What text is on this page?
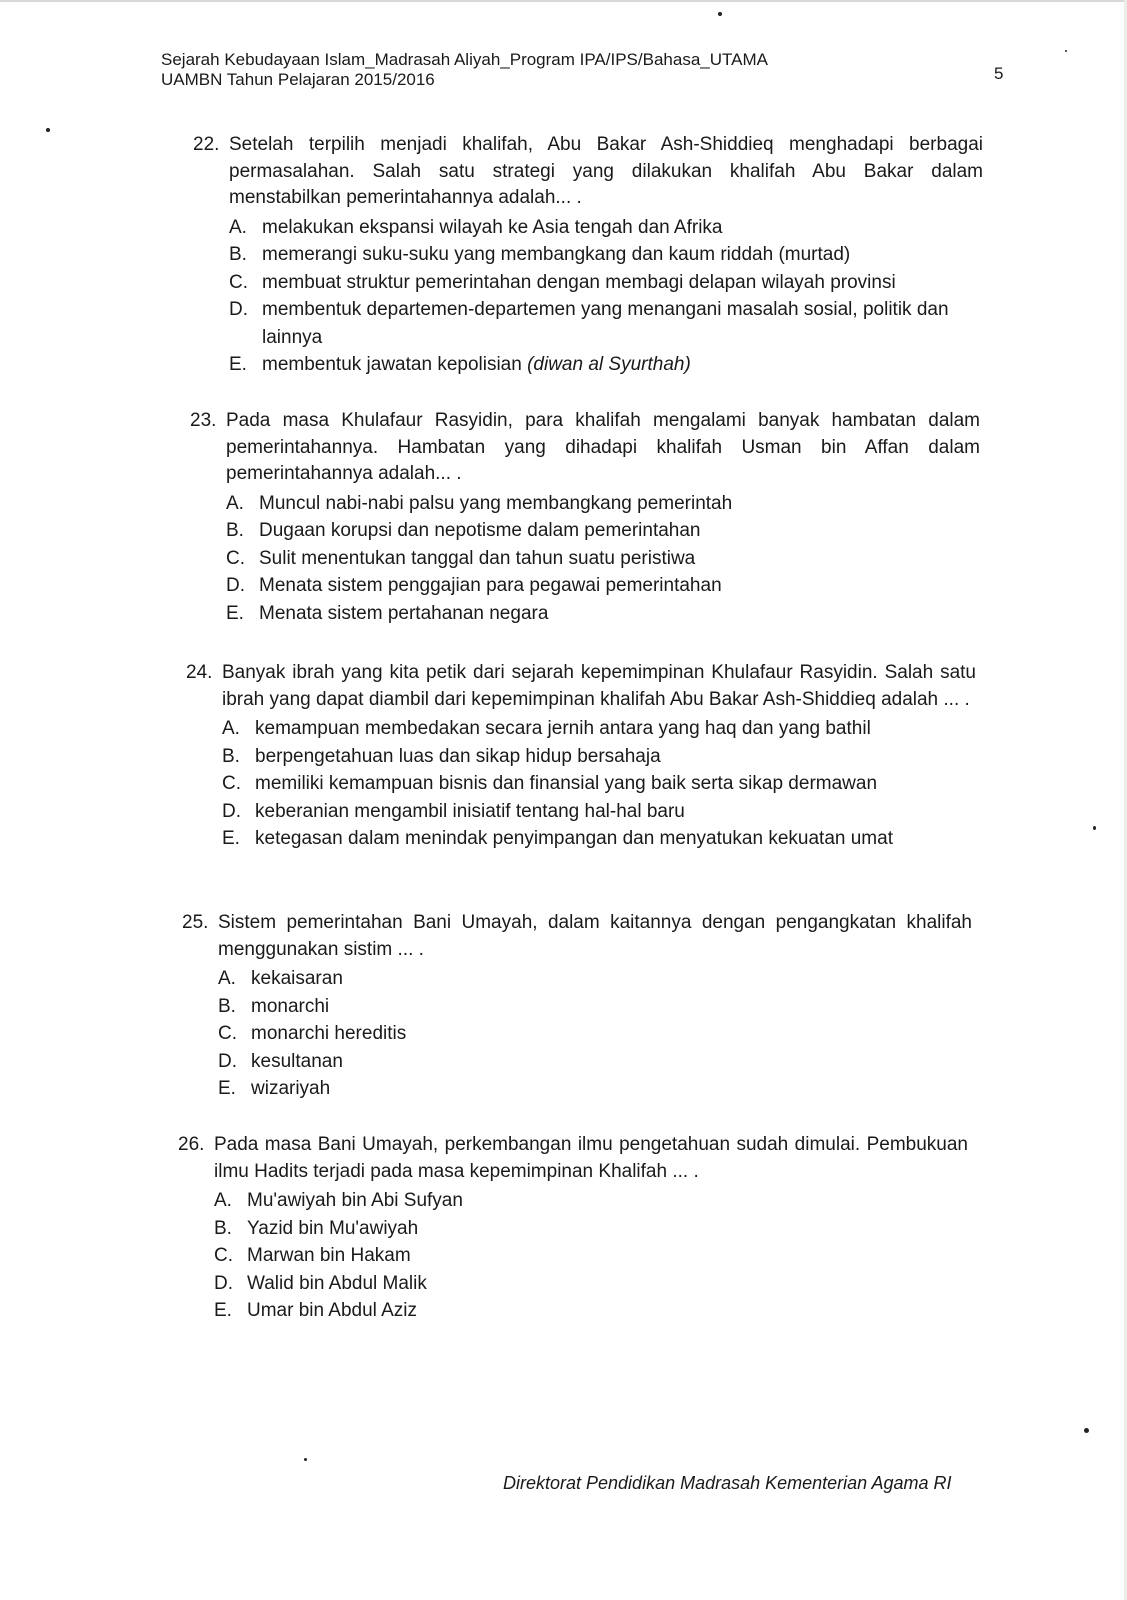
Sejarah Kebudayaan Islam_Madrasah Aliyah_Program IPA/IPS/Bahasa_UTAMA
UAMBN Tahun Pelajaran 2015/2016	5
22. Setelah terpilih menjadi khalifah, Abu Bakar Ash-Shiddieq menghadapi berbagai permasalahan. Salah satu strategi yang dilakukan khalifah Abu Bakar dalam menstabilkan pemerintahannya adalah... .
A. melakukan ekspansi wilayah ke Asia tengah dan Afrika
B. memerangi suku-suku yang membangkang dan kaum riddah (murtad)
C. membuat struktur pemerintahan dengan membagi delapan wilayah provinsi
D. membentuk departemen-departemen yang menangani masalah sosial, politik dan lainnya
E. membentuk jawatan kepolisian (diwan al Syurthah)
23. Pada masa Khulafaur Rasyidin, para khalifah mengalami banyak hambatan dalam pemerintahannya. Hambatan yang dihadapi khalifah Usman bin Affan dalam pemerintahannya adalah... .
A. Muncul nabi-nabi palsu yang membangkang pemerintah
B. Dugaan korupsi dan nepotisme dalam pemerintahan
C. Sulit menentukan tanggal dan tahun suatu peristiwa
D. Menata sistem penggajian para pegawai pemerintahan
E. Menata sistem pertahanan negara
24. Banyak ibrah yang kita petik dari sejarah kepemimpinan Khulafaur Rasyidin. Salah satu ibrah yang dapat diambil dari kepemimpinan khalifah Abu Bakar Ash-Shiddieq adalah ... .
A. kemampuan membedakan secara jernih antara yang haq dan yang bathil
B. berpengetahuan luas dan sikap hidup bersahaja
C. memiliki kemampuan bisnis dan finansial yang baik serta sikap dermawan
D. keberanian mengambil inisiatif tentang hal-hal baru
E. ketegasan dalam menindak penyimpangan dan menyatukan kekuatan umat
25. Sistem pemerintahan Bani Umayah, dalam kaitannya dengan pengangkatan khalifah menggunakan sistim ... .
A. kekaisaran
B. monarchi
C. monarchi hereditis
D. kesultanan
E. wizariyah
26. Pada masa Bani Umayah, perkembangan ilmu pengetahuan sudah dimulai. Pembukuan ilmu Hadits terjadi pada masa kepemimpinan Khalifah ... .
A. Mu'awiyah bin Abi Sufyan
B. Yazid bin Mu'awiyah
C. Marwan bin Hakam
D. Walid bin Abdul Malik
E. Umar bin Abdul Aziz
Direktorat Pendidikan Madrasah Kementerian Agama RI
